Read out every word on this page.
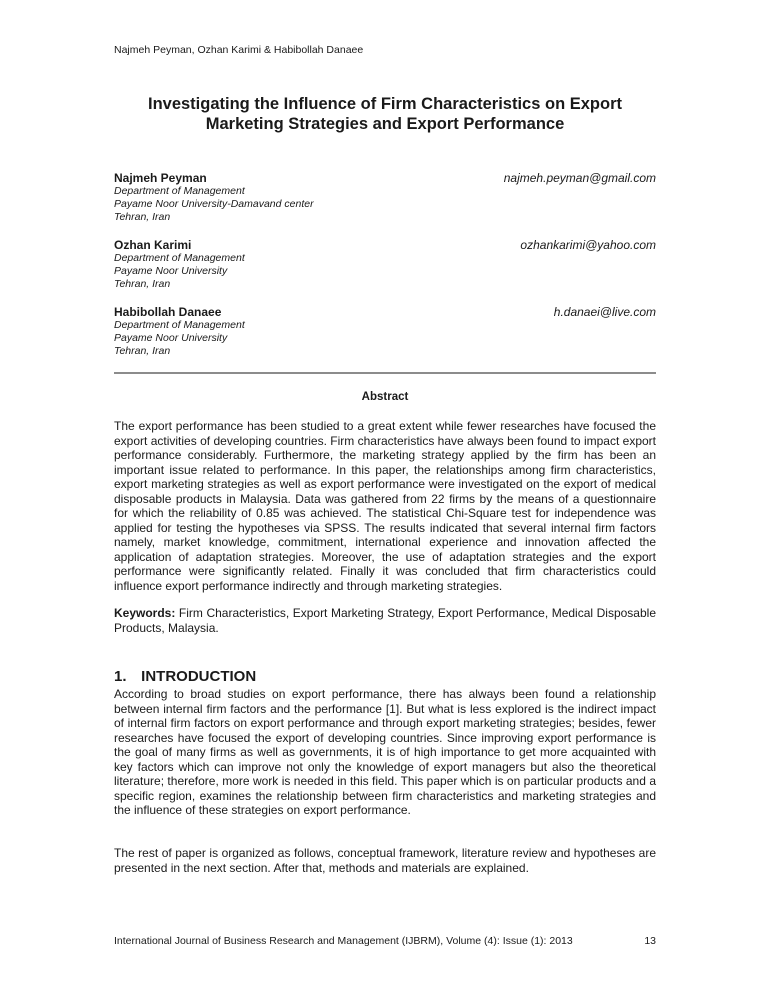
Najmeh Peyman, Ozhan Karimi & Habibollah Danaee
Investigating the Influence of Firm Characteristics on Export
Marketing Strategies and Export Performance
Najmeh Peyman	najmeh.peyman@gmail.com
Department of Management
Payame Noor University-Damavand center
Tehran, Iran
Ozhan Karimi	ozhankarimi@yahoo.com
Department of Management
Payame Noor University
Tehran, Iran
Habibollah Danaee	h.danaei@live.com
Department of Management
Payame Noor University
Tehran, Iran
Abstract

The export performance has been studied to a great extent while fewer researches have focused the export activities of developing countries. Firm characteristics have always been found to impact export performance considerably. Furthermore, the marketing strategy applied by the firm has been an important issue related to performance. In this paper, the relationships among firm characteristics, export marketing strategies as well as export performance were investigated on the export of medical disposable products in Malaysia. Data was gathered from 22 firms by the means of a questionnaire for which the reliability of 0.85 was achieved. The statistical Chi-Square test for independence was applied for testing the hypotheses via SPSS. The results indicated that several internal firm factors namely, market knowledge, commitment, international experience and innovation affected the application of adaptation strategies. Moreover, the use of adaptation strategies and the export performance were significantly related. Finally it was concluded that firm characteristics could influence export performance indirectly and through marketing strategies.

Keywords: Firm Characteristics, Export Marketing Strategy, Export Performance, Medical Disposable Products, Malaysia.

1. INTRODUCTION

According to broad studies on export performance, there has always been found a relationship between internal firm factors and the performance [1]. But what is less explored is the indirect impact of internal firm factors on export performance and through export marketing strategies; besides, fewer researches have focused the export of developing countries. Since improving export performance is the goal of many firms as well as governments, it is of high importance to get more acquainted with key factors which can improve not only the knowledge of export managers but also the theoretical literature; therefore, more work is needed in this field. This paper which is on particular products and a specific region, examines the relationship between firm characteristics and marketing strategies and the influence of these strategies on export performance.

The rest of paper is organized as follows, conceptual framework, literature review and hypotheses are presented in the next section. After that, methods and materials are explained.

International Journal of Business Research and Management (IJBRM), Volume (4): Issue (1): 2013	13
